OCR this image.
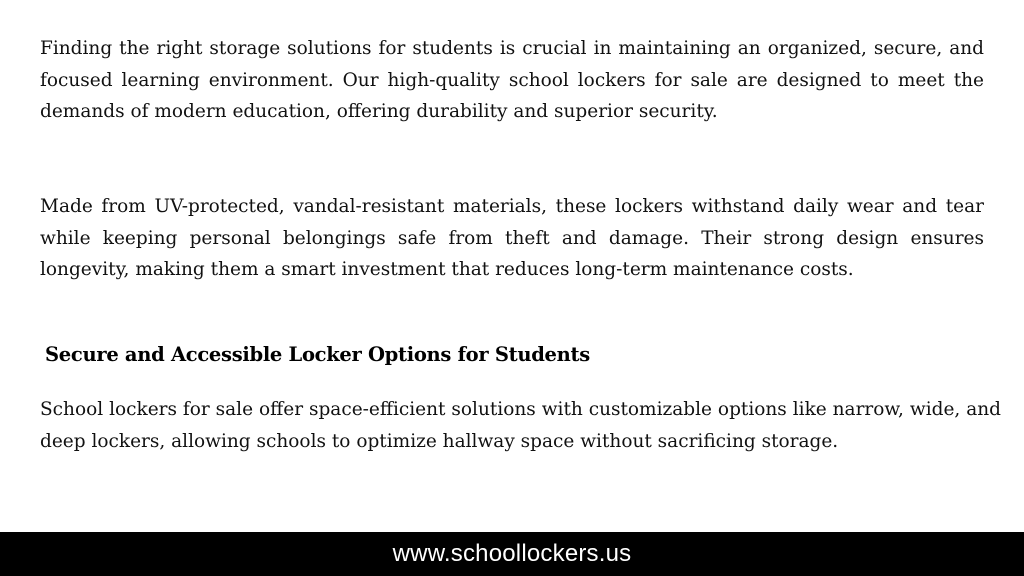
Finding the right storage solutions for students is crucial in maintaining an organized, secure, and focused learning environment. Our high-quality school lockers for sale are designed to meet the demands of modern education, offering durability and superior security.

Made from UV-protected, vandal-resistant materials, these lockers withstand daily wear and tear while keeping personal belongings safe from theft and damage. Their strong design ensures longevity, making them a smart investment that reduces long-term maintenance costs.

Secure and Accessible Locker Options for Students

School lockers for sale offer space-efficient solutions with customizable options like narrow, wide, and deep lockers, allowing schools to optimize hallway space without sacrificing storage.

www.schoollockers.us
